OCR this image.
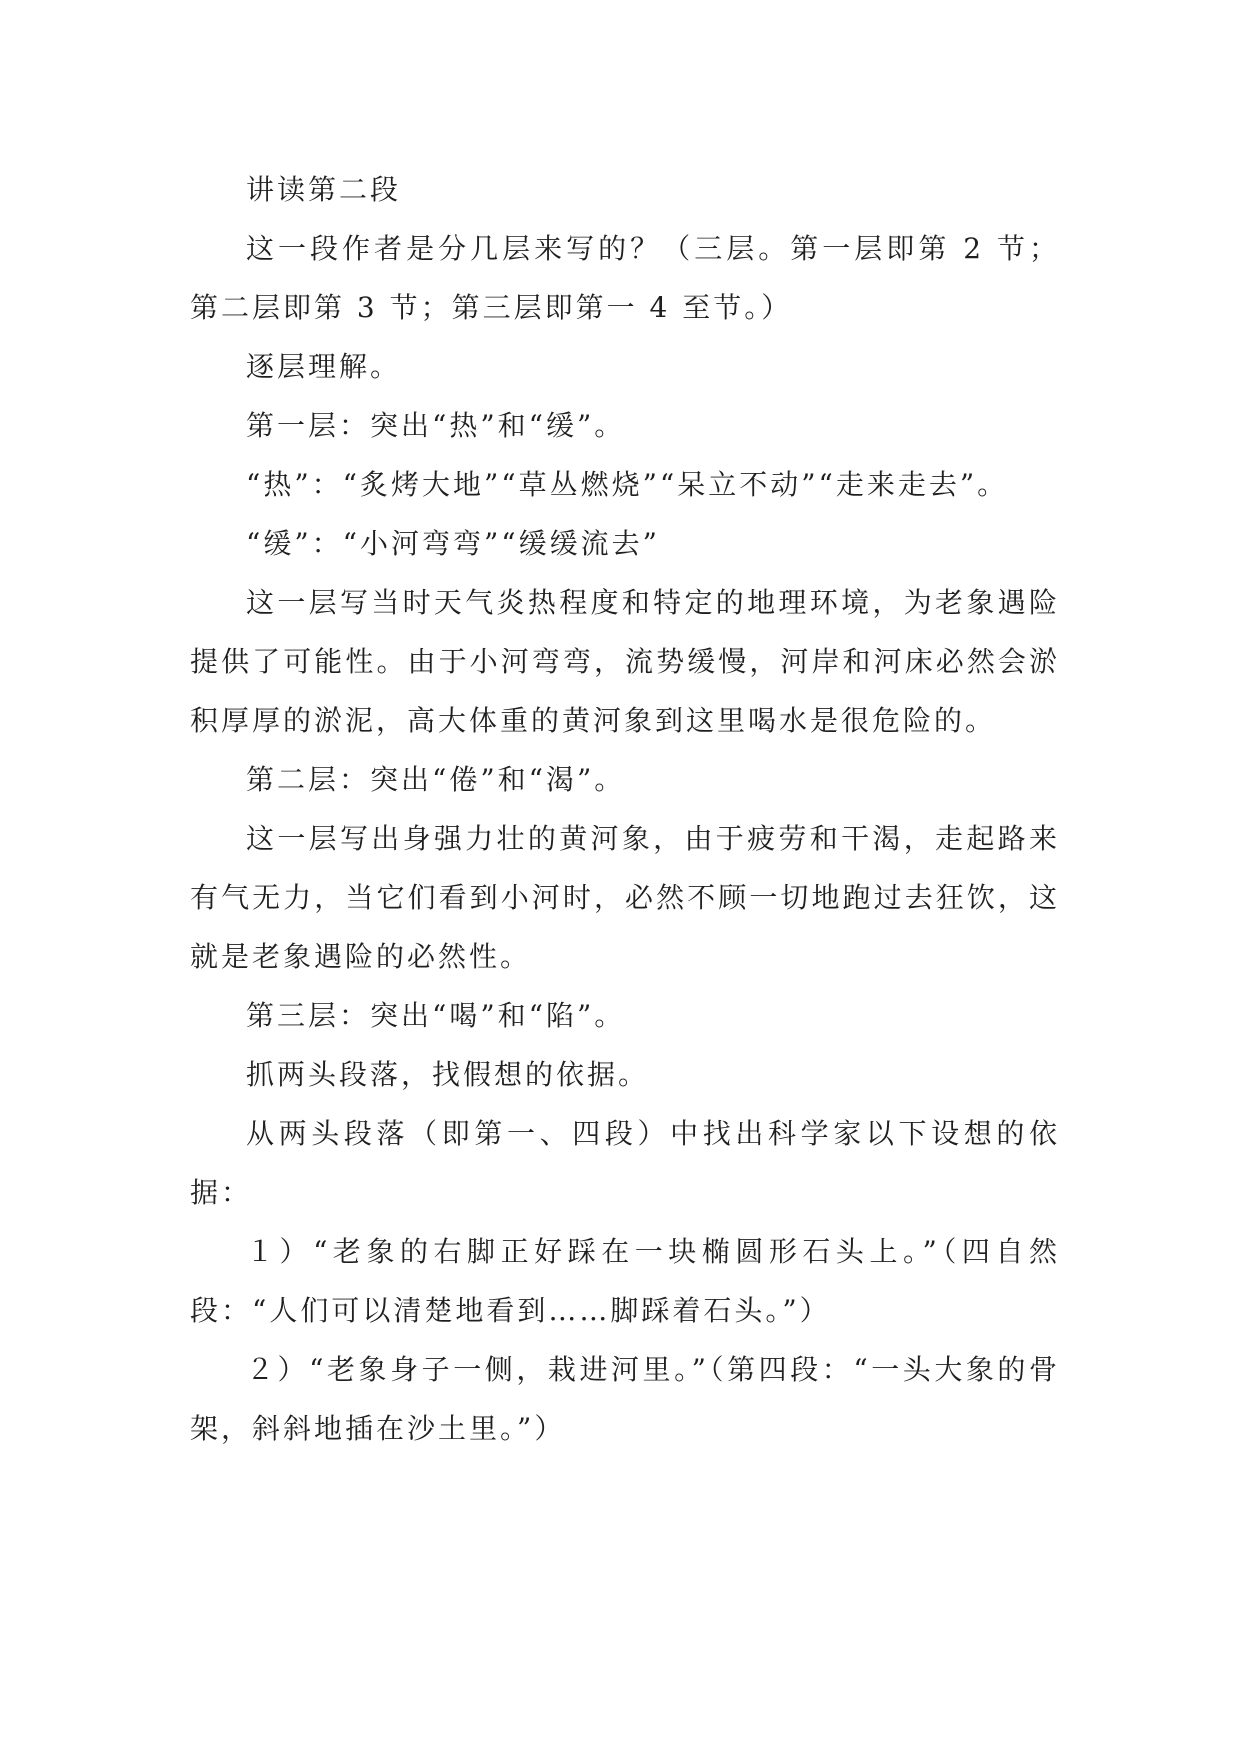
讲读第二段

这一段作者是分几层来写的？（三层。第一层即第 2 节；第二层即第 3 节；第三层即第一 4 至节。）

逐层理解。

第一层：突出“热”和“缓”。

“热”：“炙烤大地”“草丛燃烧”“呆立不动”“走来走去”。

“缓”：“小河弯弯”“缓缓流去”

这一层写当时天气炎热程度和特定的地理环境，为老象遇险提供了可能性。由于小河弯弯，流势缓慢，河岸和河床必然会淤积厚厚的淤泥，高大体重的黄河象到这里喝水是很危险的。

第二层：突出“倦”和“渴”。

这一层写出身强力壮的黄河象，由于疲劳和干渴，走起路来有气无力，当它们看到小河时，必然不顾一切地跑过去狂饮，这就是老象遇险的必然性。

第三层：突出“喝”和“陷”。

抓两头段落，找假想的依据。

从两头段落（即第一、四段）中找出科学家以下设想的依据：

１）“老象的右脚正好踩在一块椭圆形石头上。”（四自然段：“人们可以清楚地看到……脚踩着石头。”）

２）“老象身子一侧，栽进河里。”（第四段：“一头大象的骨架，斜斜地插在沙土里。”）
